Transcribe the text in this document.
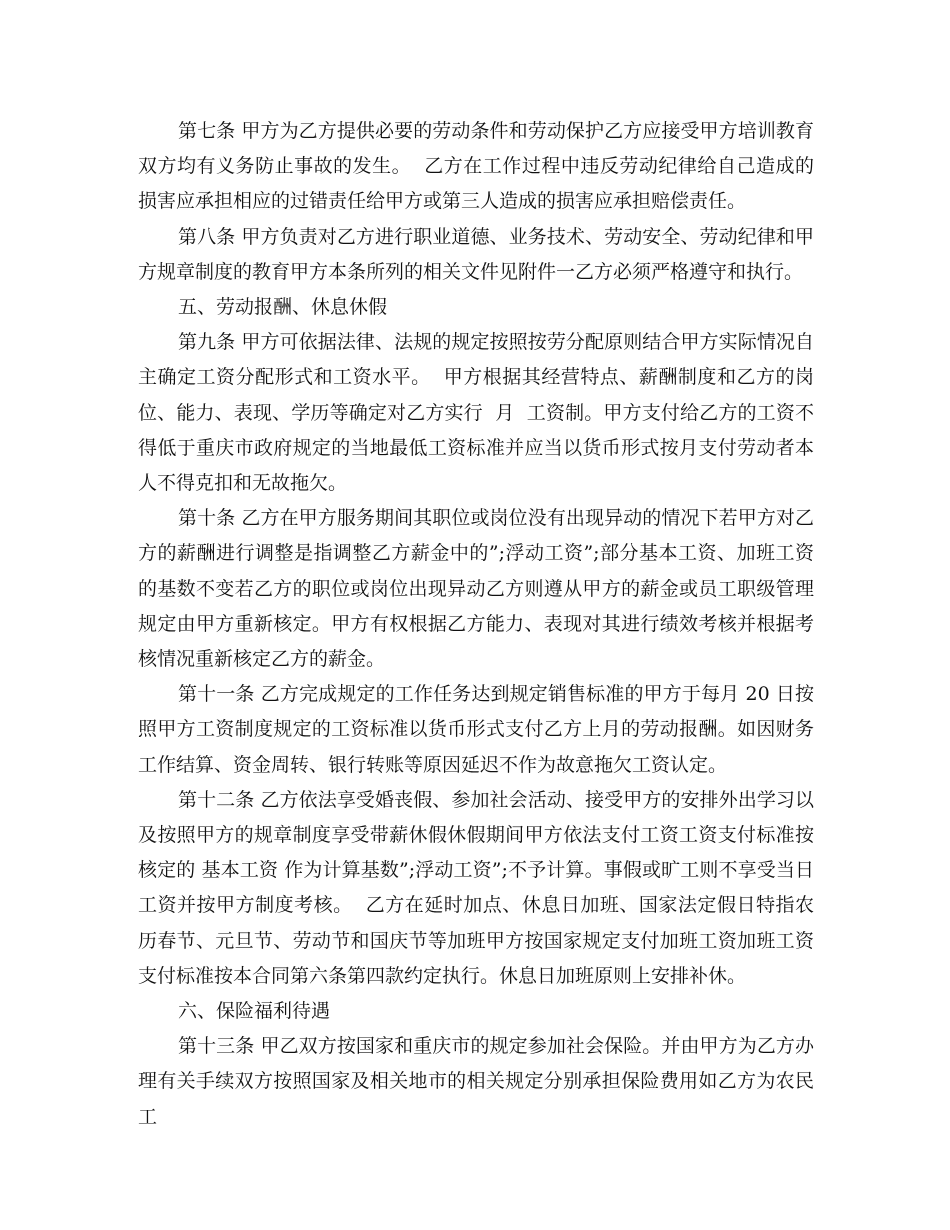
第七条 甲方为乙方提供必要的劳动条件和劳动保护乙方应接受甲方培训教育双方均有义务防止事故的发生。  乙方在工作过程中违反劳动纪律给自己造成的损害应承担相应的过错责任给甲方或第三人造成的损害应承担赔偿责任。

第八条 甲方负责对乙方进行职业道德、业务技术、劳动安全、劳动纪律和甲方规章制度的教育甲方本条所列的相关文件见附件一乙方必须严格遵守和执行。

五、劳动报酬、休息休假

第九条 甲方可依据法律、法规的规定按照按劳分配原则结合甲方实际情况自主确定工资分配形式和工资水平。  甲方根据其经营特点、薪酬制度和乙方的岗位、能力、表现、学历等确定对乙方实行  月  工资制。甲方支付给乙方的工资不得低于重庆市政府规定的当地最低工资标准并应当以货币形式按月支付劳动者本人不得克扣和无故拖欠。

第十条 乙方在甲方服务期间其职位或岗位没有出现异动的情况下若甲方对乙方的薪酬进行调整是指调整乙方薪金中的”;浮动工资”;部分基本工资、加班工资的基数不变若乙方的职位或岗位出现异动乙方则遵从甲方的薪金或员工职级管理规定由甲方重新核定。甲方有权根据乙方能力、表现对其进行绩效考核并根据考核情况重新核定乙方的薪金。

第十一条 乙方完成规定的工作任务达到规定销售标准的甲方于每月 20 日按照甲方工资制度规定的工资标准以货币形式支付乙方上月的劳动报酬。如因财务工作结算、资金周转、银行转账等原因延迟不作为故意拖欠工资认定。

第十二条 乙方依法享受婚丧假、参加社会活动、接受甲方的安排外出学习以及按照甲方的规章制度享受带薪休假休假期间甲方依法支付工资工资支付标准按核定的 基本工资 作为计算基数”;浮动工资”;不予计算。事假或旷工则不享受当日工资并按甲方制度考核。  乙方在延时加点、休息日加班、国家法定假日特指农历春节、元旦节、劳动节和国庆节等加班甲方按国家规定支付加班工资加班工资支付标准按本合同第六条第四款约定执行。休息日加班原则上安排补休。

六、保险福利待遇

第十三条 甲乙双方按国家和重庆市的规定参加社会保险。并由甲方为乙方办理有关手续双方按照国家及相关地市的相关规定分别承担保险费用如乙方为农民工
